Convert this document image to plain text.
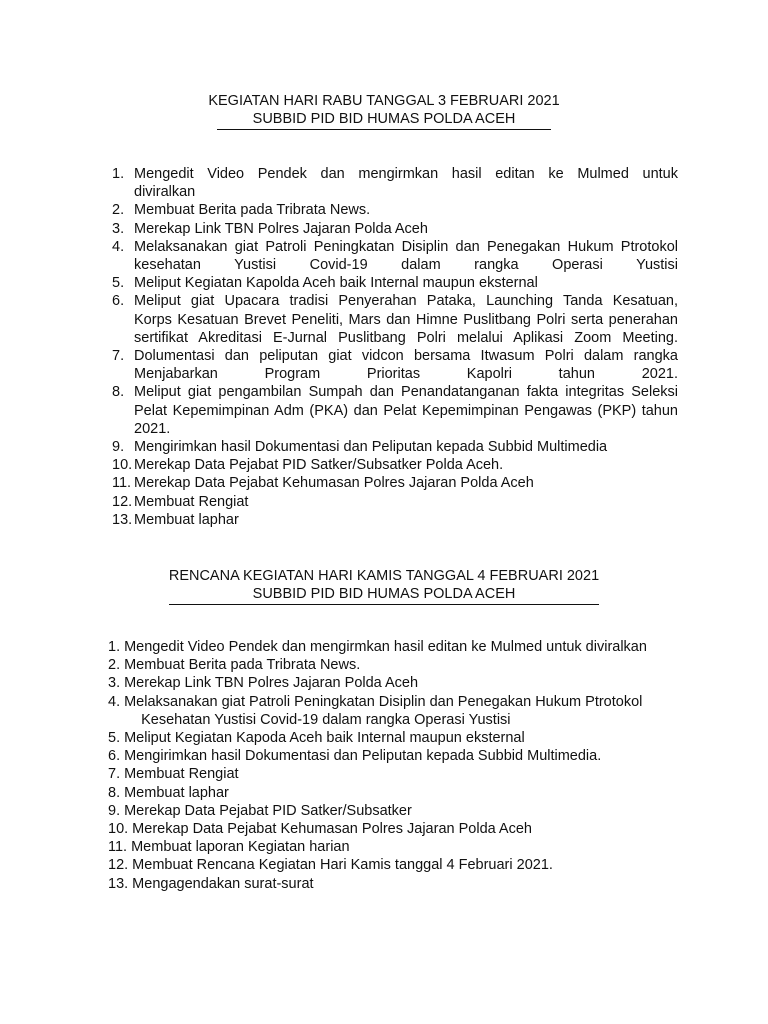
KEGIATAN HARI RABU TANGGAL 3 FEBRUARI 2021
SUBBID PID BID HUMAS POLDA ACEH
1. Mengedit Video Pendek dan mengirmkan hasil editan ke Mulmed untuk
diviralkan
2. Membuat Berita pada Tribrata News.
3. Merekap Link TBN Polres Jajaran Polda Aceh
4. Melaksanakan giat Patroli Peningkatan Disiplin dan Penegakan Hukum Ptrotokol
kesehatan Yustisi Covid-19 dalam rangka Operasi Yustisi
5. Meliput Kegiatan Kapolda Aceh baik Internal maupun eksternal
6. Meliput giat Upacara tradisi Penyerahan Pataka, Launching Tanda Kesatuan,
Korps Kesatuan Brevet Peneliti, Mars dan Himne Puslitbang Polri serta penerahan
sertifikat Akreditasi E-Jurnal Puslitbang Polri melalui Aplikasi Zoom Meeting.
7. Dolumentasi dan peliputan giat vidcon bersama Itwasum Polri dalam rangka
Menjabarkan Program Prioritas Kapolri tahun 2021.
8. Meliput giat pengambilan Sumpah dan Penandatanganan fakta integritas Seleksi
Pelat Kepemimpinan Adm (PKA) dan Pelat Kepemimpinan Pengawas (PKP) tahun
2021.
9. Mengirimkan hasil Dokumentasi dan Peliputan kepada Subbid Multimedia
10. Merekap Data Pejabat PID Satker/Subsatker Polda Aceh.
11. Merekap Data Pejabat Kehumasan Polres Jajaran Polda Aceh
12. Membuat Rengiat
13. Membuat laphar
RENCANA KEGIATAN HARI KAMIS TANGGAL 4 FEBRUARI 2021
SUBBID PID BID HUMAS POLDA ACEH
1. Mengedit Video Pendek dan mengirmkan hasil editan ke Mulmed untuk diviralkan
2. Membuat Berita pada Tribrata News.
3. Merekap Link TBN Polres Jajaran Polda Aceh
4. Melaksanakan giat Patroli Peningkatan Disiplin dan Penegakan Hukum Ptrotokol
Kesehatan Yustisi Covid-19 dalam rangka Operasi Yustisi
5. Meliput Kegiatan Kapoda Aceh baik Internal maupun eksternal
6. Mengirimkan hasil Dokumentasi dan Peliputan kepada Subbid Multimedia.
7. Membuat Rengiat
8. Membuat laphar
9. Merekap Data Pejabat PID Satker/Subsatker
10. Merekap Data Pejabat Kehumasan Polres Jajaran Polda Aceh
11. Membuat laporan Kegiatan harian
12. Membuat Rencana Kegiatan Hari Kamis tanggal 4 Februari 2021.
13. Mengagendakan surat-surat
